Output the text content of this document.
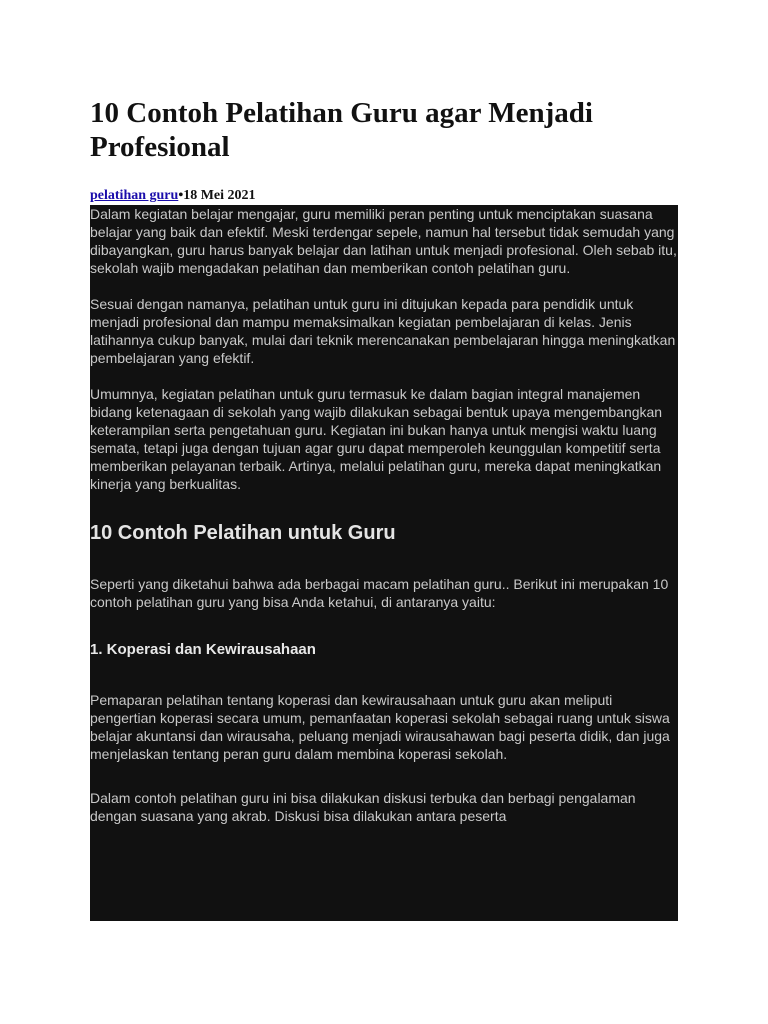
10 Contoh Pelatihan Guru agar Menjadi Profesional
pelatihan guru•18 Mei 2021

Dalam kegiatan belajar mengajar, guru memiliki peran penting untuk menciptakan suasana belajar yang baik dan efektif. Meski terdengar sepele, namun hal tersebut tidak semudah yang dibayangkan, guru harus banyak belajar dan latihan untuk menjadi profesional. Oleh sebab itu, sekolah wajib mengadakan pelatihan dan memberikan contoh pelatihan guru.

Sesuai dengan namanya, pelatihan untuk guru ini ditujukan kepada para pendidik untuk menjadi profesional dan mampu memaksimalkan kegiatan pembelajaran di kelas. Jenis latihannya cukup banyak, mulai dari teknik merencanakan pembelajaran hingga meningkatkan pembelajaran yang efektif.

Umumnya, kegiatan pelatihan untuk guru termasuk ke dalam bagian integral manajemen bidang ketenagaan di sekolah yang wajib dilakukan sebagai bentuk upaya mengembangkan keterampilan serta pengetahuan guru. Kegiatan ini bukan hanya untuk mengisi waktu luang semata, tetapi juga dengan tujuan agar guru dapat memperoleh keunggulan kompetitif serta memberikan pelayanan terbaik. Artinya, melalui pelatihan guru, mereka dapat meningkatkan kinerja yang berkualitas.

10 Contoh Pelatihan untuk Guru

Seperti yang diketahui bahwa ada berbagai macam pelatihan guru.. Berikut ini merupakan 10 contoh pelatihan guru yang bisa Anda ketahui, di antaranya yaitu:

1. Koperasi dan Kewirausahaan

Pemaparan pelatihan tentang koperasi dan kewirausahaan untuk guru akan meliputi pengertian koperasi secara umum, pemanfaatan koperasi sekolah sebagai ruang untuk siswa belajar akuntansi dan wirausaha, peluang menjadi wirausahawan bagi peserta didik, dan juga menjelaskan tentang peran guru dalam membina koperasi sekolah.

Dalam contoh pelatihan guru ini bisa dilakukan diskusi terbuka dan berbagi pengalaman dengan suasana yang akrab. Diskusi bisa dilakukan antara peserta
